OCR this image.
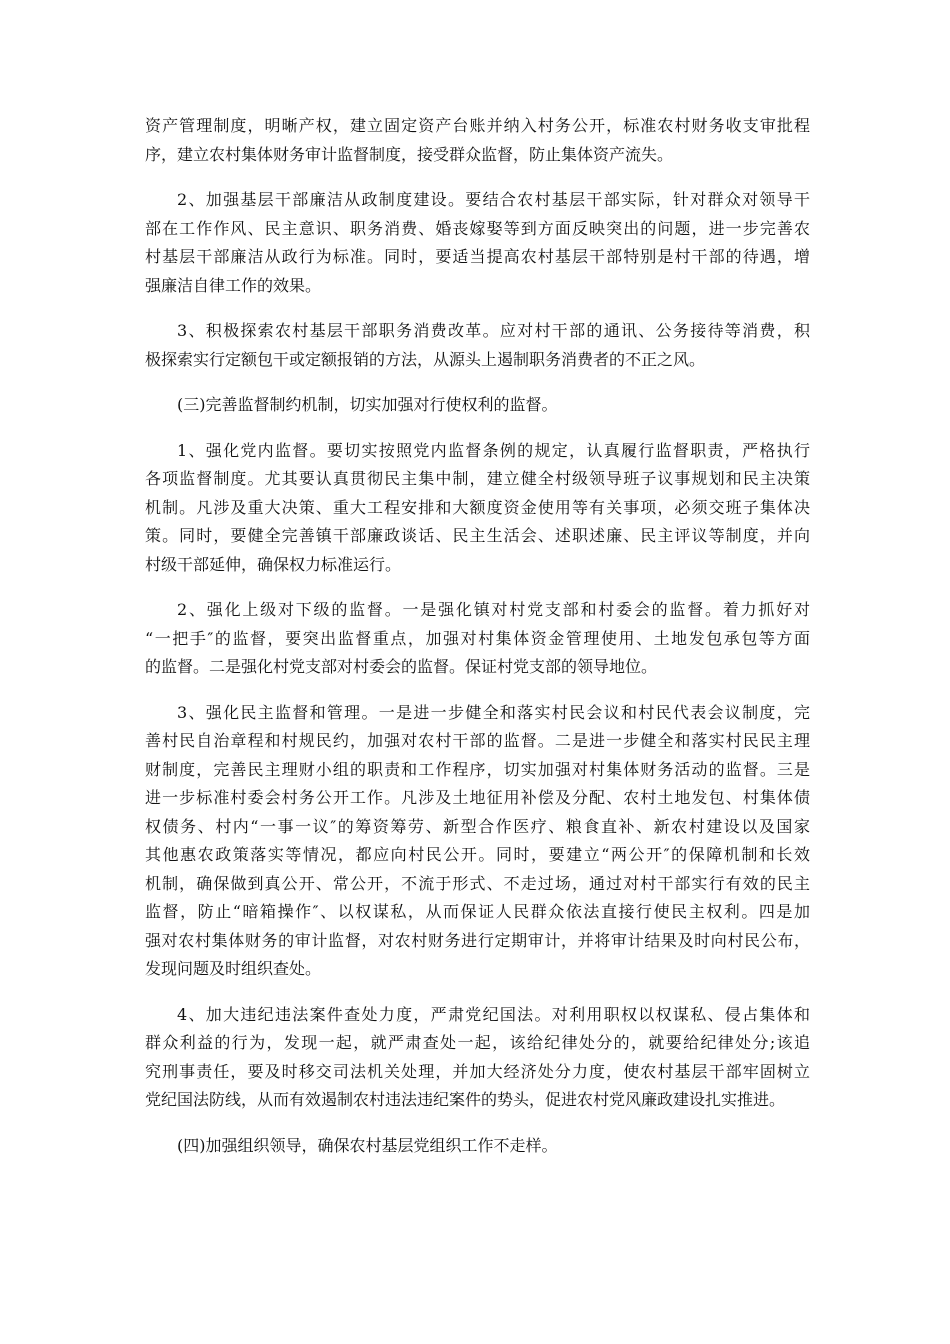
资产管理制度，明晰产权，建立固定资产台账并纳入村务公开，标准农村财务收支审批程
序，建立农村集体财务审计监督制度，接受群众监督，防止集体资产流失。
2、加强基层干部廉洁从政制度建设。要结合农村基层干部实际，针对群众对领导干
部在工作作风、民主意识、职务消费、婚丧嫁娶等到方面反映突出的问题，进一步完善农
村基层干部廉洁从政行为标准。同时，要适当提高农村基层干部特别是村干部的待遇，增
强廉洁自律工作的效果。
3、积极探索农村基层干部职务消费改革。应对村干部的通讯、公务接待等消费，积
极探索实行定额包干或定额报销的方法，从源头上遏制职务消费者的不正之风。
(三)完善监督制约机制，切实加强对行使权利的监督。
1、强化党内监督。要切实按照党内监督条例的规定，认真履行监督职责，严格执行
各项监督制度。尤其要认真贯彻民主集中制，建立健全村级领导班子议事规划和民主决策
机制。凡涉及重大决策、重大工程安排和大额度资金使用等有关事项，必须交班子集体决
策。同时，要健全完善镇干部廉政谈话、民主生活会、述职述廉、民主评议等制度，并向
村级干部延伸，确保权力标准运行。
2、强化上级对下级的监督。一是强化镇对村党支部和村委会的监督。着力抓好对
“一把手″的监督，要突出监督重点，加强对村集体资金管理使用、土地发包承包等方面
的监督。二是强化村党支部对村委会的监督。保证村党支部的领导地位。
3、强化民主监督和管理。一是进一步健全和落实村民会议和村民代表会议制度，完
善村民自治章程和村规民约，加强对农村干部的监督。二是进一步健全和落实村民民主理
财制度，完善民主理财小组的职责和工作程序，切实加强对村集体财务活动的监督。三是
进一步标准村委会村务公开工作。凡涉及土地征用补偿及分配、农村土地发包、村集体债
权债务、村内“一事一议″的筹资筹劳、新型合作医疗、粮食直补、新农村建设以及国家
其他惠农政策落实等情况，都应向村民公开。同时，要建立“两公开″的保障机制和长效
机制，确保做到真公开、常公开，不流于形式、不走过场，通过对村干部实行有效的民主
监督，防止“暗箱操作″、以权谋私，从而保证人民群众依法直接行使民主权利。四是加
强对农村集体财务的审计监督，对农村财务进行定期审计，并将审计结果及时向村民公布，
发现问题及时组织查处。
4、加大违纪违法案件查处力度，严肃党纪国法。对利用职权以权谋私、侵占集体和
群众利益的行为，发现一起，就严肃查处一起，该给纪律处分的，就要给纪律处分;该追
究刑事责任，要及时移交司法机关处理，并加大经济处分力度，使农村基层干部牢固树立
党纪国法防线，从而有效遏制农村违法违纪案件的势头，促进农村党风廉政建设扎实推进。
(四)加强组织领导，确保农村基层党组织工作不走样。
